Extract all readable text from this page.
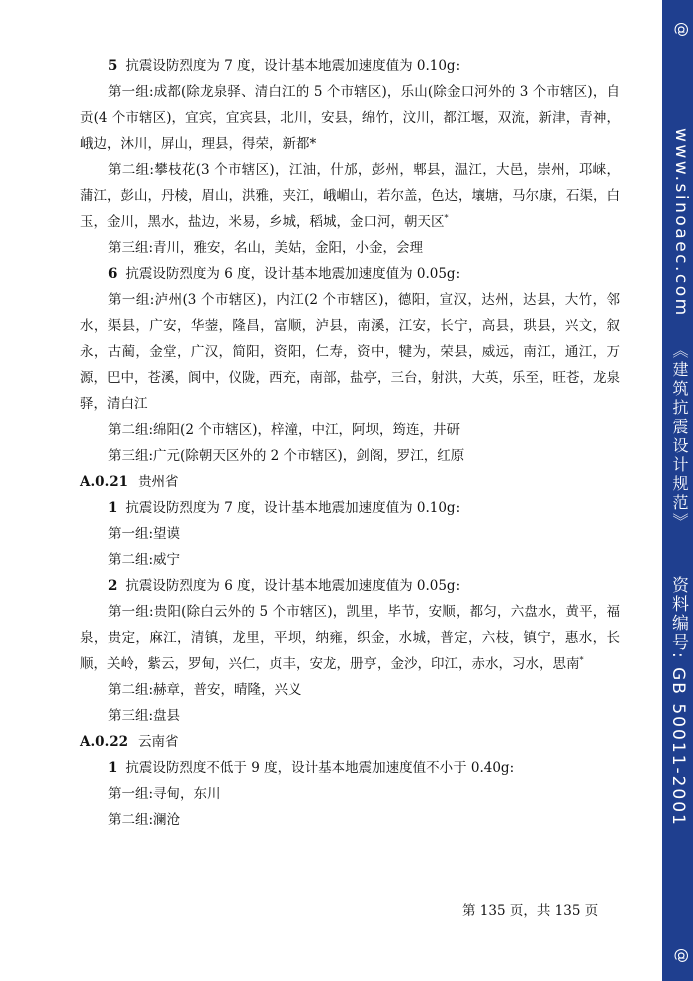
5 抗震设防烈度为 7 度，设计基本地震加速度值为 0.10g:

第一组:成都(除龙泉驿、清白江的 5 个市辖区)，乐山(除金口河外的 3 个市辖区)，自贡(4 个市辖区)，宜宾，宜宾县，北川，安县，绵竹，汶川，都江堰，双流，新津，青神，峨边，沐川，屏山，理县，得荣，新都*

第二组:攀枝花(3 个市辖区)，江油，什邡，彭州，郫县，温江，大邑，崇州，邛崃，蒲江，彭山，丹棱，眉山，洪雅，夹江，峨嵋山，若尔盖，色达，壤塘，马尔康，石渠，白玉，金川，黑水，盐边，米易，乡城，稻城，金口河，朝天区*

第三组:青川，雅安，名山，美姑，金阳，小金，会理

6 抗震设防烈度为 6 度，设计基本地震加速度值为 0.05g:

第一组:泸州(3 个市辖区)，内江(2 个市辖区)，德阳，宣汉，达州，达县，大竹，邻水，渠县，广安，华蓥，隆昌，富顺，泸县，南溪，江安，长宁，高县，珙县，兴文，叙永，古蔺，金堂，广汉，简阳，资阳，仁寿，资中，犍为，荣县，威远，南江，通江，万源，巴中，苍溪，阆中，仪陇，西充，南部，盐亭，三台，射洪，大英，乐至，旺苍，龙泉驿，清白江

第二组:绵阳(2 个市辖区)，梓潼，中江，阿坝，筠连，井研

第三组:广元(除朝天区外的 2 个市辖区)，剑阁，罗江，红原

A.0.21 贵州省

1 抗震设防烈度为 7 度，设计基本地震加速度值为 0.10g:

第一组:望谟

第二组:威宁

2 抗震设防烈度为 6 度，设计基本地震加速度值为 0.05g:

第一组:贵阳(除白云外的 5 个市辖区)，凯里，毕节，安顺，都匀，六盘水，黄平，福泉，贵定，麻江，清镇，龙里，平坝，纳雍，织金，水城，普定，六枝，镇宁，惠水，长顺，关岭，紫云，罗甸，兴仁，贞丰，安龙，册亨，金沙，印江，赤水，习水，思南*

第二组:赫章，普安，晴隆，兴义

第三组:盘县

A.0.22 云南省

1 抗震设防烈度不低于 9 度，设计基本地震加速度值不小于 0.40g:

第一组:寻甸，东川

第二组:澜沧

第 135 页，共 135 页
@
www.sinoaec.com
《建筑抗震设计规范》
资料编号: GB 50011-2001
@
